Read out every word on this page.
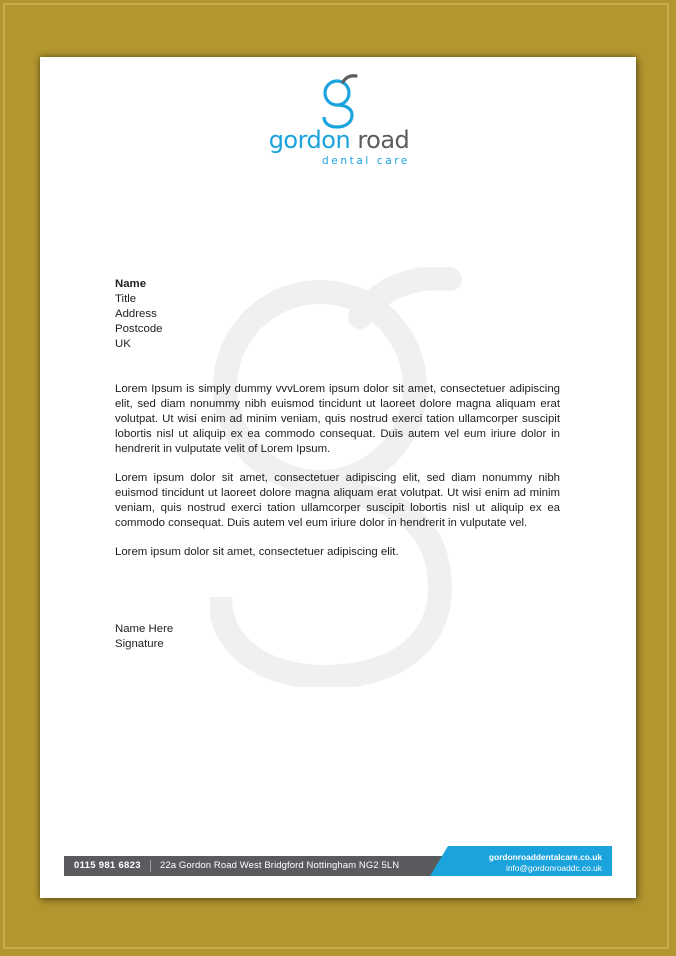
gordon road
dental care
Name
Title
Address
Postcode
UK

Lorem Ipsum is simply dummy vvvLorem ipsum dolor sit amet, consectetuer adipiscing elit, sed diam nonummy nibh euismod tincidunt ut laoreet dolore magna aliquam erat volutpat. Ut wisi enim ad minim veniam, quis nostrud exerci tation ullamcorper suscipit lobortis nisl ut aliquip ex ea commodo consequat. Duis autem vel eum iriure dolor in hendrerit in vulputate velit of Lorem Ipsum.

Lorem ipsum dolor sit amet, consectetuer adipiscing elit, sed diam nonummy nibh euismod tincidunt ut laoreet dolore magna aliquam erat volutpat. Ut wisi enim ad minim veniam, quis nostrud exerci tation ullamcorper suscipit lobortis nisl ut aliquip ex ea commodo consequat. Duis autem vel eum iriure dolor in hendrerit in vulputate vel.

Lorem ipsum dolor sit amet, consectetuer adipiscing elit.

Name Here
Signature
0115 981 6823 22a Gordon Road West Bridgford Nottingham NG2 5LN
gordonroaddentalcare.co.uk
info@gordonroaddc.co.uk
